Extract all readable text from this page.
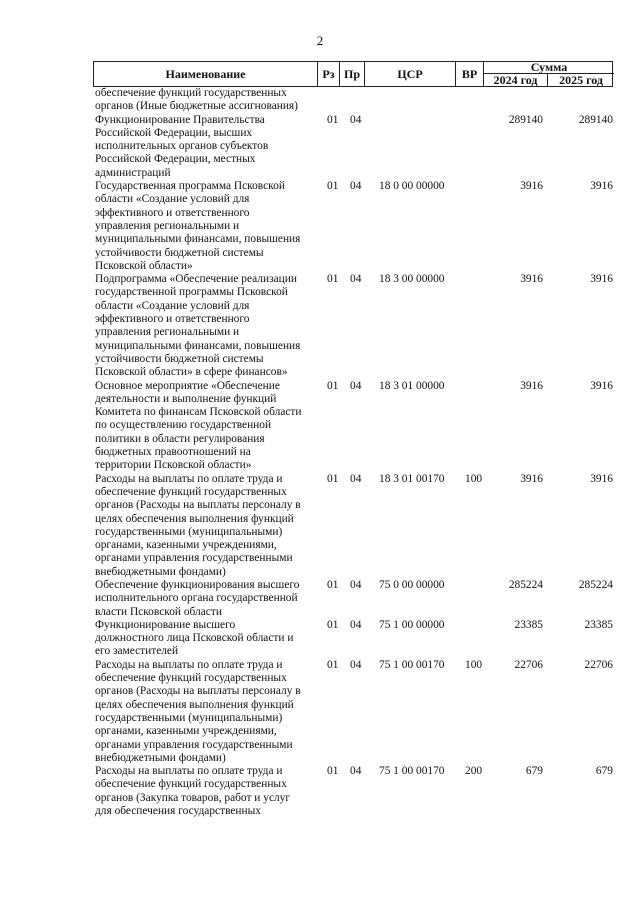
2
Наименование	Рз Пр	ЦСР	ВР	Сумма
2024 год	2025 год
обеспечение функций государственных
органов (Иные бюджетные ассигнования)
Функционирование Правительства
Российской Федерации, высших
исполнительных органов субъектов
Российской Федерации, местных
администраций
01 04	289140	289140
Государственная программа Псковской
области «Создание условий для
эффективного и ответственного
управления региональными и
муниципальными финансами, повышения
устойчивости бюджетной системы
Псковской области»
01 04 18 0 00 00000	3916	3916
Подпрограмма «Обеспечение реализации
государственной программы Псковской
области «Создание условий для
эффективного и ответственного
управления региональными и
муниципальными финансами, повышения
устойчивости бюджетной системы
Псковской области» в сфере финансов»
01 04 18 3 00 00000	3916	3916
Основное мероприятие «Обеспечение
деятельности и выполнение функций
Комитета по финансам Псковской области
по осуществлению государственной
политики в области регулирования
бюджетных правоотношений на
территории Псковской области»
01 04 18 3 01 00000	3916	3916
Расходы на выплаты по оплате труда и
обеспечение функций государственных
органов (Расходы на выплаты персоналу в
целях обеспечения выполнения функций
государственными (муниципальными)
органами, казенными учреждениями,
органами управления государственными
внебюджетными фондами)
01 04 18 3 01 00170 100	3916	3916
Обеспечение функционирования высшего
исполнительного органа государственной
власти Псковской области
01 04 75 0 00 00000	285224	285224
Функционирование высшего
должностного лица Псковской области и
его заместителей
01 04 75 1 00 00000	23385	23385
Расходы на выплаты по оплате труда и
обеспечение функций государственных
органов (Расходы на выплаты персоналу в
целях обеспечения выполнения функций
государственными (муниципальными)
органами, казенными учреждениями,
органами управления государственными
внебюджетными фондами)
01 04 75 1 00 00170 100	22706	22706
Расходы на выплаты по оплате труда и
обеспечение функций государственных
органов (Закупка товаров, работ и услуг
для обеспечения государственных
01 04 75 1 00 00170 200	679	679
